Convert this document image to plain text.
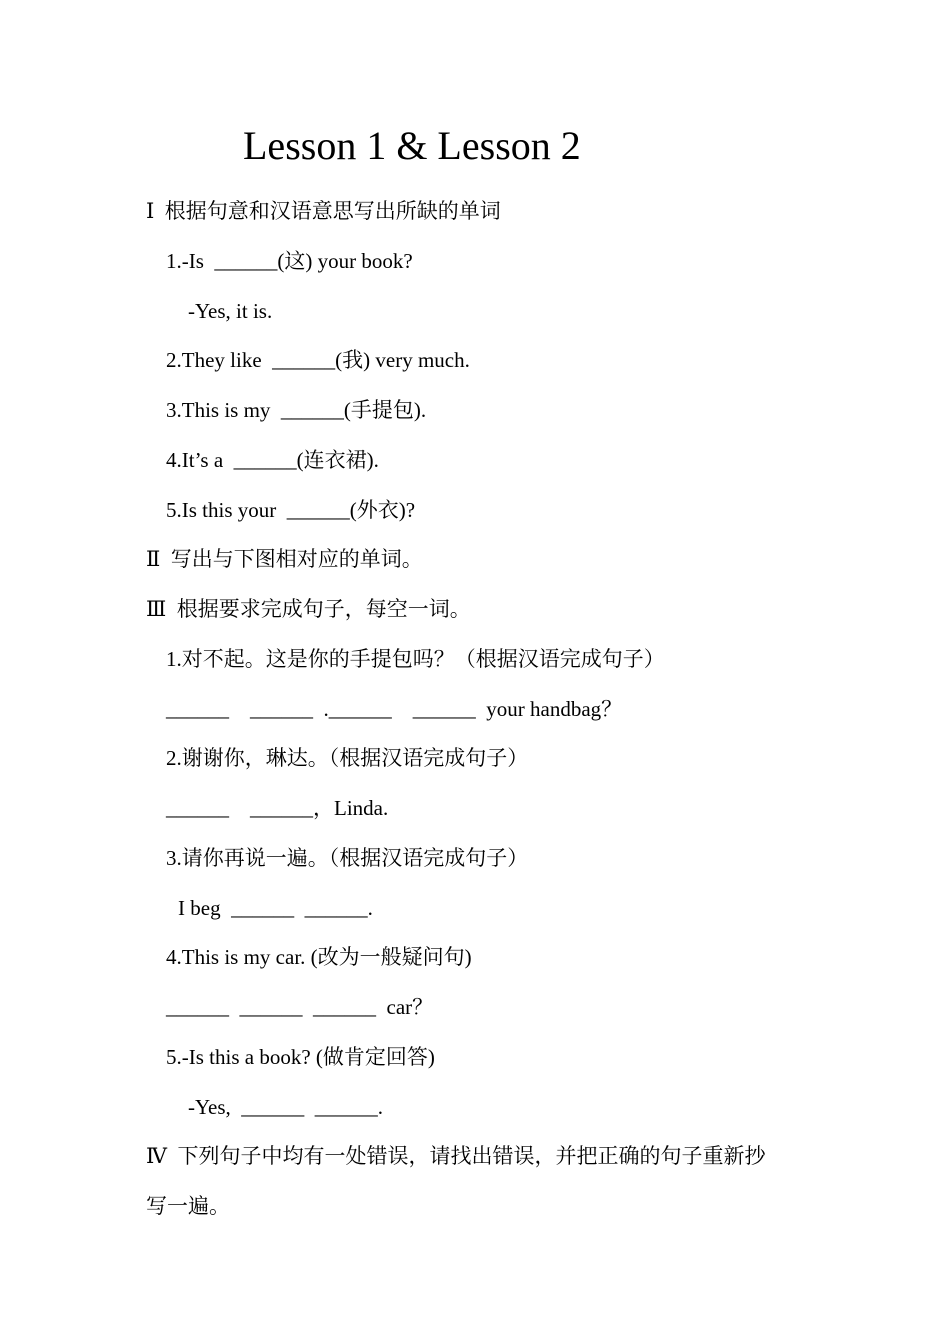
Lesson 1 & Lesson 2
Ⅰ  根据句意和汉语意思写出所缺的单词
1.-Is  ______(这) your book?
-Yes, it is.
2.They like  ______(我) very much.
3.This is my  ______(手提包).
4.It’s a  ______(连衣裙).
5.Is this your  ______(外衣)?
Ⅱ  写出与下图相对应的单词。
Ⅲ  根据要求完成句子，每空一词。
1.对不起。这是你的手提包吗？（根据汉语完成句子）
______    ______  .______    ______  your handbag？
2.谢谢你，琳达。（根据汉语完成句子）
______    ______，Linda.
3.请你再说一遍。（根据汉语完成句子）
I beg  ______  ______.
4.This is my car. (改为一般疑问句)
______  ______  ______  car？
5.-Is this a book? (做肯定回答)
-Yes,  ______  ______.
Ⅳ  下列句子中均有一处错误，请找出错误，并把正确的句子重新抄
写一遍。
